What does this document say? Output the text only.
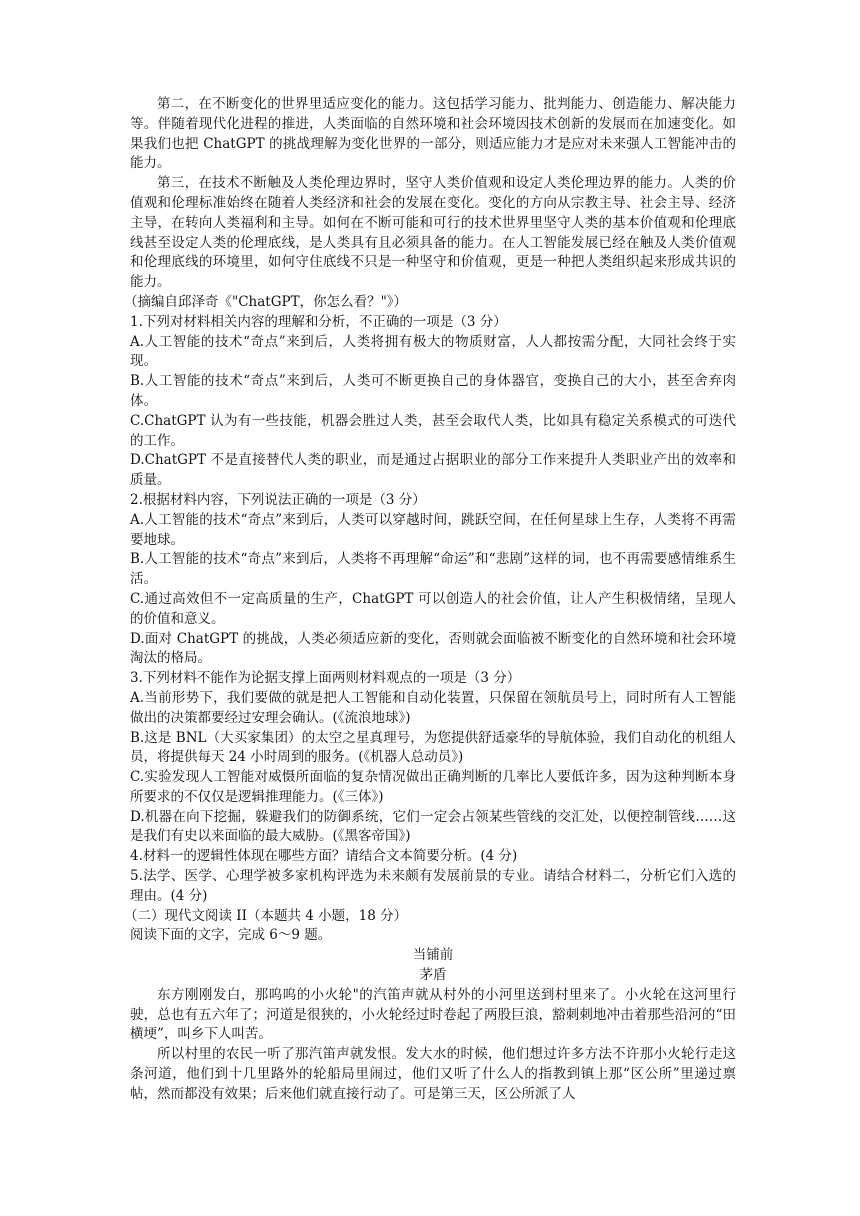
第二，在不断变化的世界里适应变化的能力。这包括学习能力、批判能力、创造能力、解决能力等。伴随着现代化进程的推进，人类面临的自然环境和社会环境因技术创新的发展而在加速变化。如果我们也把 ChatGPT 的挑战理解为变化世界的一部分，则适应能力才是应对未来强人工智能冲击的能力。

第三，在技术不断触及人类伦理边界时，坚守人类价值观和设定人类伦理边界的能力。人类的价值观和伦理标准始终在随着人类经济和社会的发展在变化。变化的方向从宗教主导、社会主导、经济主导，在转向人类福利和主导。如何在不断可能和可行的技术世界里坚守人类的基本价值观和伦理底线甚至设定人类的伦理底线，是人类具有且必须具备的能力。在人工智能发展已经在触及人类价值观和伦理底线的环境里，如何守住底线不只是一种坚守和价值观，更是一种把人类组织起来形成共识的能力。

（摘编自邱泽奇《"ChatGPT，你怎么看？"》）

1.下列对材料相关内容的理解和分析，不正确的一项是（3 分）

A.人工智能的技术“奇点”来到后，人类将拥有极大的物质财富，人人都按需分配，大同社会终于实现。

B.人工智能的技术“奇点”来到后，人类可不断更换自己的身体器官，变换自己的大小，甚至舍弃肉体。

C.ChatGPT 认为有一些技能，机器会胜过人类，甚至会取代人类，比如具有稳定关系模式的可迭代的工作。

D.ChatGPT 不是直接替代人类的职业，而是通过占据职业的部分工作来提升人类职业产出的效率和质量。

2.根据材料内容，下列说法正确的一项是（3 分）

A.人工智能的技术“奇点”来到后，人类可以穿越时间，跳跃空间，在任何星球上生存，人类将不再需要地球。

B.人工智能的技术“奇点”来到后，人类将不再理解“命运”和“悲剧”这样的词，也不再需要感情维系生活。

C.通过高效但不一定高质量的生产，ChatGPT 可以创造人的社会价值，让人产生积极情绪，呈现人的价值和意义。

D.面对 ChatGPT 的挑战，人类必须适应新的变化，否则就会面临被不断变化的自然环境和社会环境淘汰的格局。

3.下列材料不能作为论据支撑上面两则材料观点的一项是（3 分）

A.当前形势下，我们要做的就是把人工智能和自动化装置，只保留在领航员号上，同时所有人工智能做出的决策都要经过安理会确认。(《流浪地球》)

B.这是 BNL（大买家集团）的太空之星真理号，为您提供舒适豪华的导航体验，我们自动化的机组人员，将提供每天 24 小时周到的服务。(《机器人总动员》)

C.实验发现人工智能对威慑所面临的复杂情况做出正确判断的几率比人要低许多，因为这种判断本身所要求的不仅仅是逻辑推理能力。(《三体》)

D.机器在向下挖掘，躲避我们的防御系统，它们一定会占领某些管线的交汇处，以便控制管线……这是我们有史以来面临的最大威胁。(《黑客帝国》)

4.材料一的逻辑性体现在哪些方面？请结合文本简要分析。(4 分)

5.法学、医学、心理学被多家机构评选为未来颇有发展前景的专业。请结合材料二，分析它们入选的理由。(4 分)

（二）现代文阅读 II（本题共 4 小题，18 分）

阅读下面的文字，完成 6～9 题。

当铺前

茅盾

东方刚刚发白，那呜呜的小火轮"的汽笛声就从村外的小河里送到村里来了。小火轮在这河里行驶，总也有五六年了；河道是很狭的，小火轮经过时卷起了两股巨浪，豁刺刺地冲击着那些沿河的“田横埂”，叫乡下人叫苦。

所以村里的农民一听了那汽笛声就发恨。发大水的时候，他们想过许多方法不许那小火轮行走这条河道，他们到十几里路外的轮船局里闹过，他们又听了什么人的指教到镇上那“区公所”里递过禀帖，然而都没有效果；后来他们就直接行动了。可是第三天，区公所派了人
